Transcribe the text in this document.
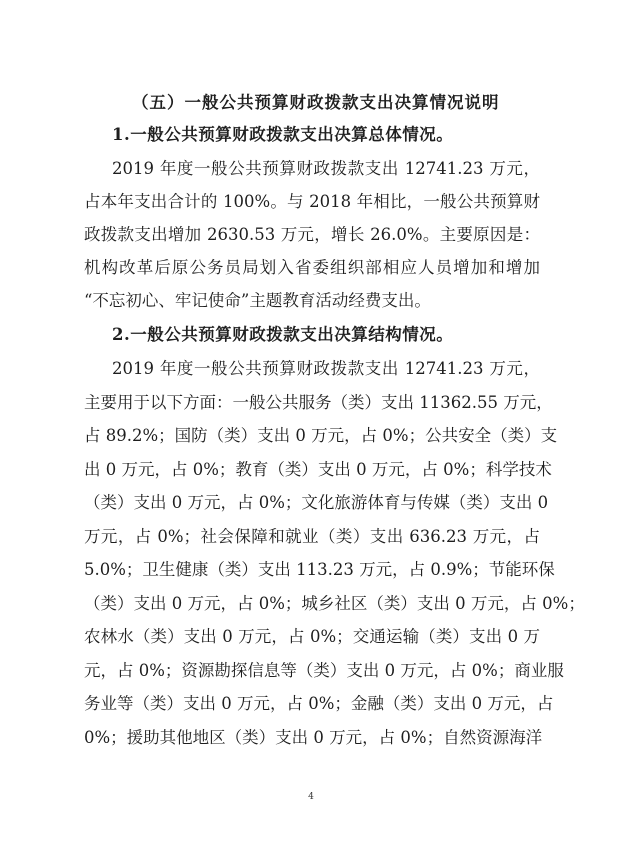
（五）一般公共预算财政拨款支出决算情况说明
1.一般公共预算财政拨款支出决算总体情况。
2019 年度一般公共预算财政拨款支出 12741.23 万元，
占本年支出合计的 100%。与 2018 年相比，一般公共预算财
政拨款支出增加 2630.53 万元，增长 26.0%。主要原因是：
机构改革后原公务员局划入省委组织部相应人员增加和增加
“不忘初心、牢记使命”主题教育活动经费支出。
2.一般公共预算财政拨款支出决算结构情况。
2019 年度一般公共预算财政拨款支出 12741.23 万元，
主要用于以下方面：一般公共服务（类）支出 11362.55 万元，
占 89.2%；国防（类）支出 0 万元，占 0%；公共安全（类）支
出 0 万元，占 0%；教育（类）支出 0 万元，占 0%；科学技术
（类）支出 0 万元，占 0%；文化旅游体育与传媒（类）支出 0
万元，占 0%；社会保障和就业（类）支出 636.23 万元，占
5.0%；卫生健康（类）支出 113.23 万元，占 0.9%；节能环保
（类）支出 0 万元，占 0%；城乡社区（类）支出 0 万元，占 0%；
农林水（类）支出 0 万元，占 0%；交通运输（类）支出 0 万
元，占 0%；资源勘探信息等（类）支出 0 万元，占 0%；商业服
务业等（类）支出 0 万元，占 0%；金融（类）支出 0 万元，占
0%；援助其他地区（类）支出 0 万元，占 0%；自然资源海洋
4
